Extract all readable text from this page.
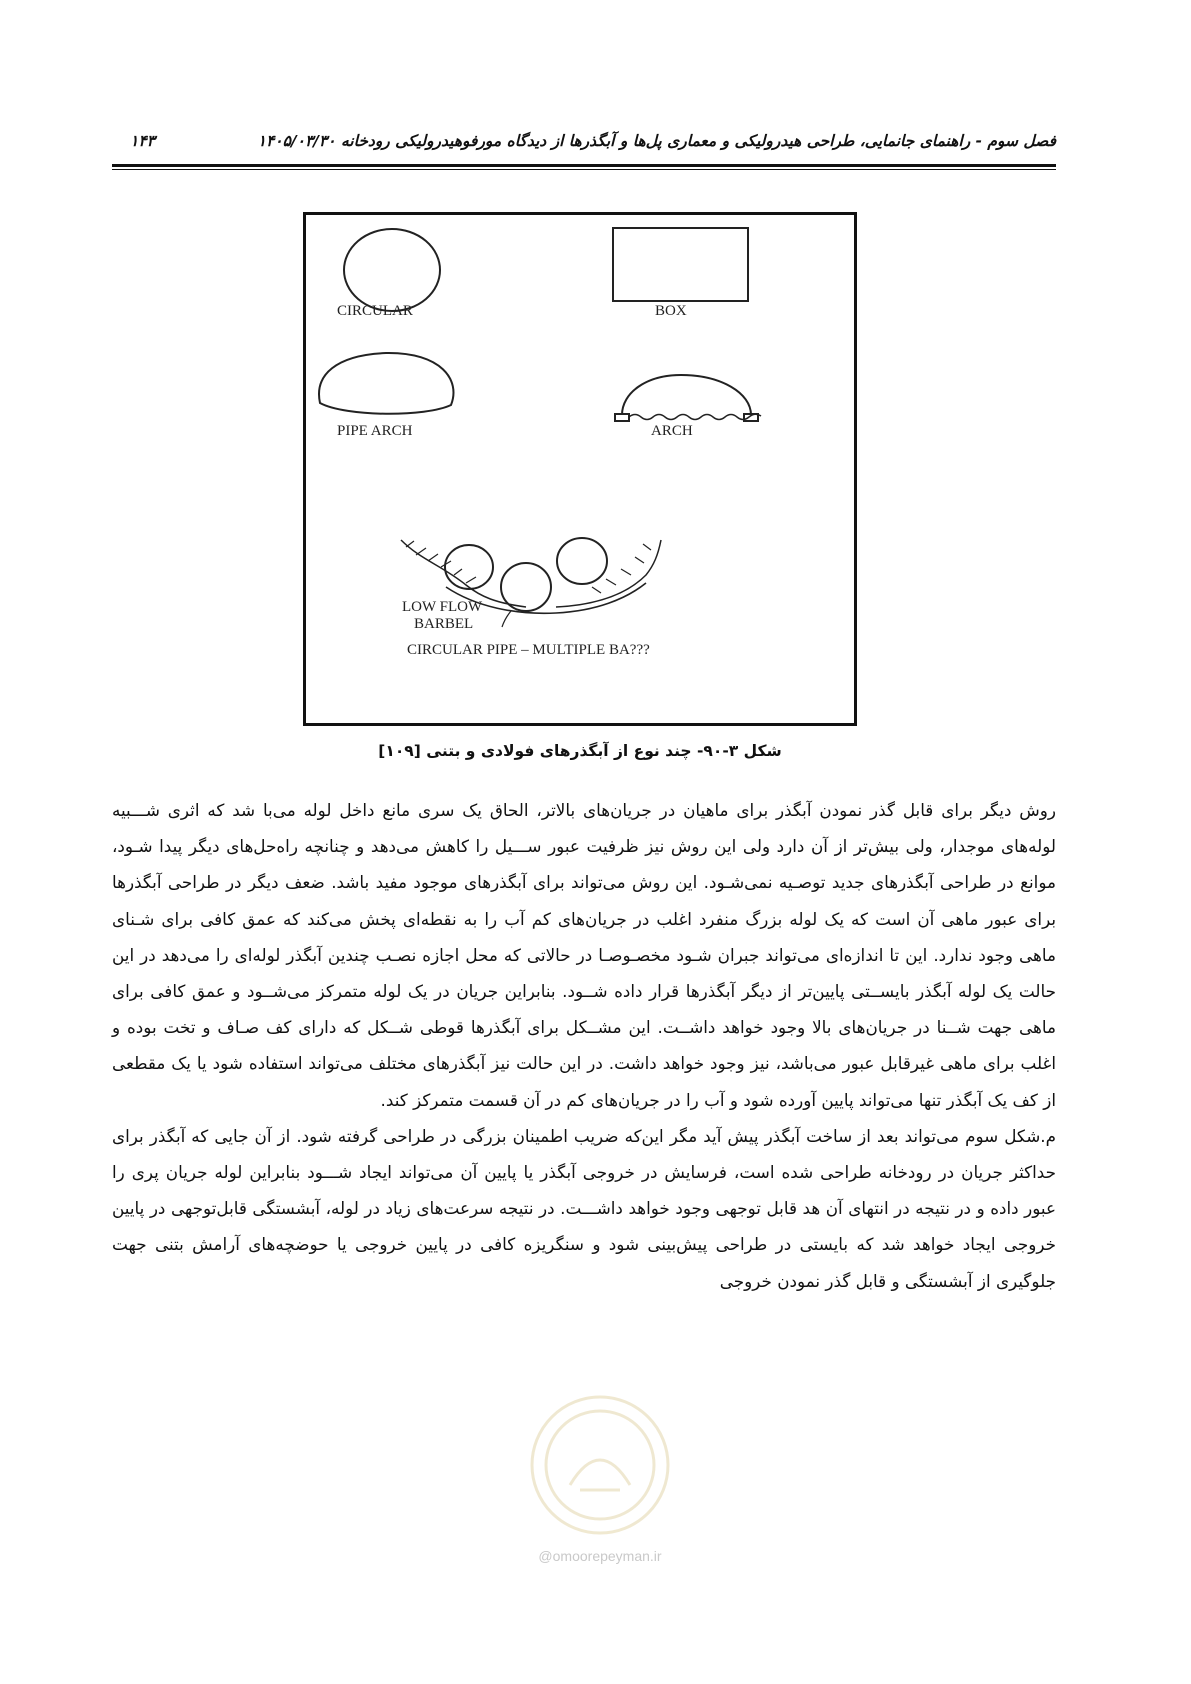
فصل سوم - راهنمای جانمایی، طراحی هیدرولیکی و معماری پل‌ها و آبگذرها از دیدگاه مورفوهیدرولیکی رودخانه ۱۴۰۵/۰۳/۳۰
۱۴۳
CIRCULAR	BOX
PIPE ARCH	ARCH
LOW FLOW
BARBEL
CIRCULAR PIPE – MULTIPLE BA???
شکل ۳-۹۰- چند نوع از آبگذرهای فولادی و بتنی [۱۰۹]

روش دیگر برای قابل گذر نمودن آبگذر برای ماهیان در جریان‌های بالاتر، الحاق یک سری مانع داخل لوله می‌با شد که اثری شـــبیه لوله‌های موجدار، ولی بیش‌تر از آن دارد ولی این روش نیز ظرفیت عبور ســـیل را کاهش می‌دهد و چنانچه راه‌حل‌های دیگر پیدا شـود، موانع در طراحی آبگذرهای جدید توصـیه نمی‌شـود. این روش می‌تواند برای آبگذرهای موجود مفید باشد. ضعف دیگر در طراحی آبگذرها برای عبور ماهی آن است که یک لوله بزرگ منفرد اغلب در جریان‌های کم آب را به نقطه‌ای پخش می‌کند که عمق کافی برای شـنای ماهی وجود ندارد. این تا اندازه‌ای می‌تواند جبران شـود مخصـوصـا در حالاتی که محل اجازه نصـب چندین آبگذر لوله‌ای را می‌دهد در این حالت یک لوله آبگذر بایســتی پایین‌تر از دیگر آبگذرها قرار داده شــود. بنابراین جریان در یک لوله متمرکز می‌شــود و عمق کافی برای ماهی جهت شــنا در جریان‌های بالا وجود خواهد داشــت. این مشــکل برای آبگذرها قوطی شــکل که دارای کف صـاف و تخت بوده و اغلب برای ماهی غیرقابل عبور می‌باشد، نیز وجود خواهد داشت. در این حالت نیز آبگذرهای مختلف می‌تواند استفاده شود یا یک مقطعی از کف یک آبگذر تنها می‌تواند پایین آورده شود و آب را در جریان‌های کم در آن قسمت متمرکز کند.

م.شکل سوم می‌تواند بعد از ساخت آبگذر پیش آید مگر این‌که ضریب اطمینان بزرگی در طراحی گرفته شود. از آن جایی که آبگذر برای حداکثر جریان در رودخانه طراحی شده است، فرسایش در خروجی آبگذر یا پایین آن می‌تواند ایجاد شـــود بنابراین لوله جریان پری را عبور داده و در نتیجه در انتهای آن هد قابل توجهی وجود خواهد داشـــت. در نتیجه سرعت‌های زیاد در لوله، آبشستگی قابل‌توجهی در پایین خروجی ایجاد خواهد شد که بایستی در طراحی پیش‌بینی شود و سنگریزه کافی در پایین خروجی یا حوضچه‌های آرامش بتنی جهت جلوگیری از آبشستگی و قابل گذر نمودن خروجی

@omoorepeyman.ir
